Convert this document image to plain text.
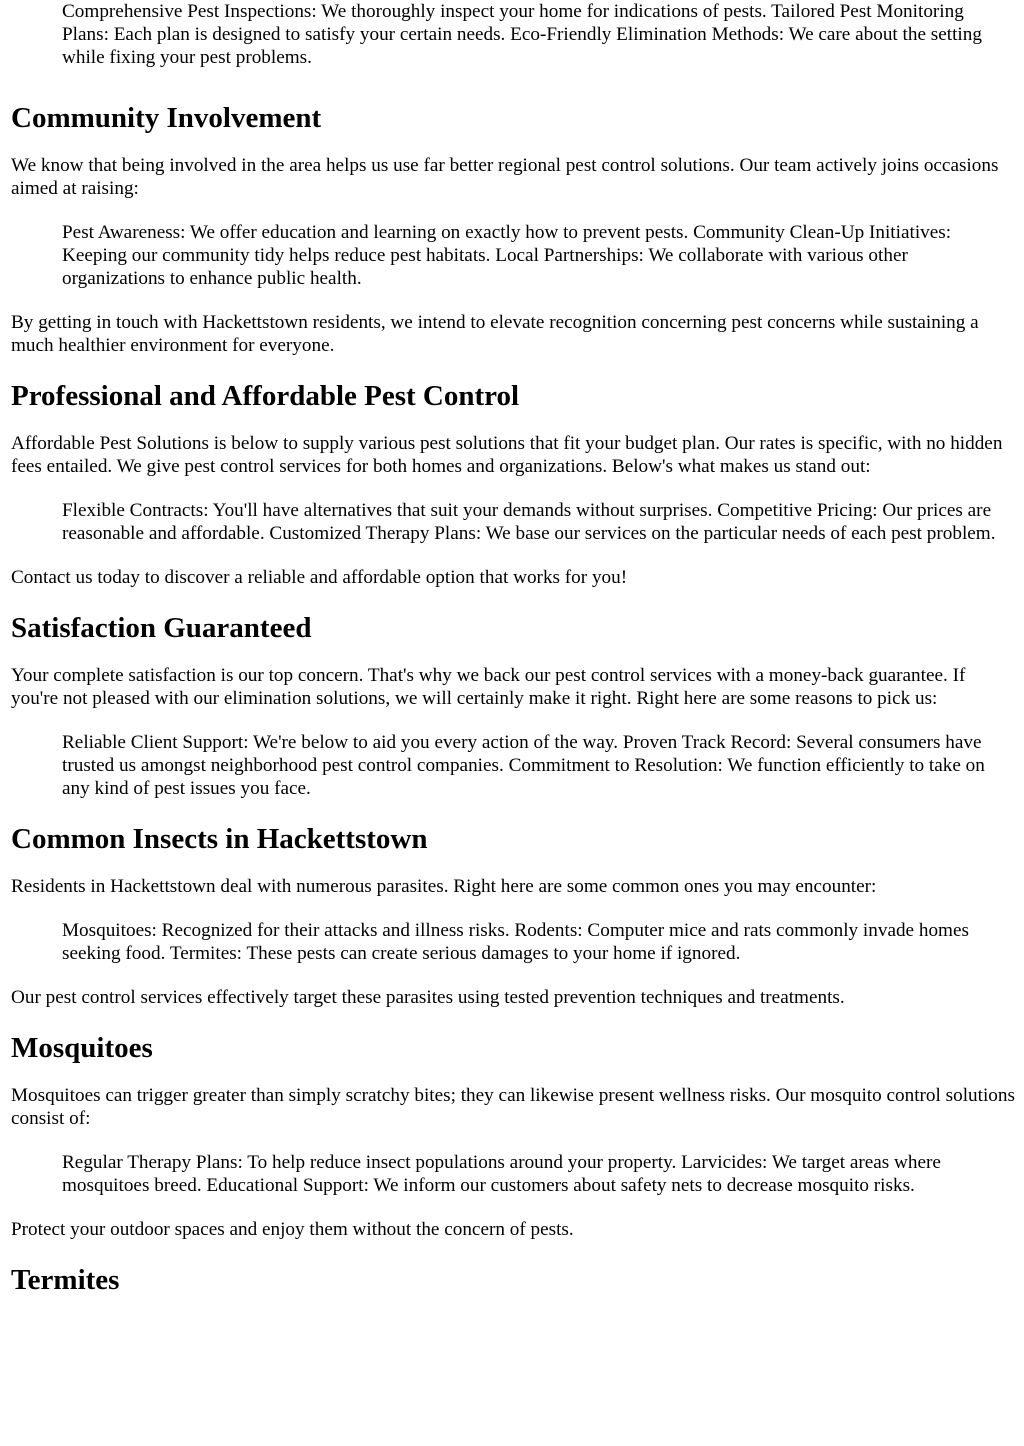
Comprehensive Pest Inspections: We thoroughly inspect your home for indications of pests. Tailored Pest Monitoring Plans: Each plan is designed to satisfy your certain needs. Eco-Friendly Elimination Methods: We care about the setting while fixing your pest problems.
Community Involvement

We know that being involved in the area helps us use far better regional pest control solutions. Our team actively joins occasions aimed at raising:

Pest Awareness: We offer education and learning on exactly how to prevent pests. Community Clean-Up Initiatives: Keeping our community tidy helps reduce pest habitats. Local Partnerships: We collaborate with various other organizations to enhance public health.

By getting in touch with Hackettstown residents, we intend to elevate recognition concerning pest concerns while sustaining a much healthier environment for everyone.

Professional and Affordable Pest Control

Affordable Pest Solutions is below to supply various pest solutions that fit your budget plan. Our rates is specific, with no hidden fees entailed. We give pest control services for both homes and organizations. Below's what makes us stand out:

Flexible Contracts: You'll have alternatives that suit your demands without surprises. Competitive Pricing: Our prices are reasonable and affordable. Customized Therapy Plans: We base our services on the particular needs of each pest problem.

Contact us today to discover a reliable and affordable option that works for you!

Satisfaction Guaranteed

Your complete satisfaction is our top concern. That's why we back our pest control services with a money-back guarantee. If you're not pleased with our elimination solutions, we will certainly make it right. Right here are some reasons to pick us:

Reliable Client Support: We're below to aid you every action of the way. Proven Track Record: Several consumers have trusted us amongst neighborhood pest control companies. Commitment to Resolution: We function efficiently to take on any kind of pest issues you face.
Common Insects in Hackettstown

Residents in Hackettstown deal with numerous parasites. Right here are some common ones you may encounter:

Mosquitoes: Recognized for their attacks and illness risks. Rodents: Computer mice and rats commonly invade homes seeking food. Termites: These pests can create serious damages to your home if ignored.

Our pest control services effectively target these parasites using tested prevention techniques and treatments.

Mosquitoes

Mosquitoes can trigger greater than simply scratchy bites; they can likewise present wellness risks. Our mosquito control solutions consist of:

Regular Therapy Plans: To help reduce insect populations around your property. Larvicides: We target areas where mosquitoes breed. Educational Support: We inform our customers about safety nets to decrease mosquito risks.

Protect your outdoor spaces and enjoy them without the concern of pests.

Termites
